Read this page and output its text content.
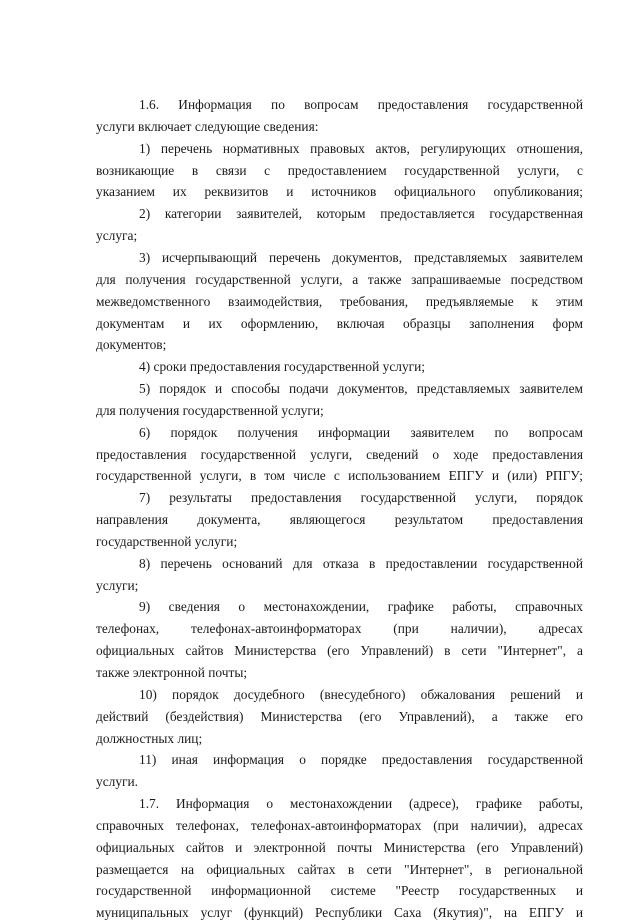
1.6. Информация по вопросам предоставления государственной
услуги включает следующие сведения:
1) перечень нормативных правовых актов, регулирующих отношения,
возникающие в связи с предоставлением государственной услуги, с
указанием их реквизитов и источников официального опубликования;
2) категории заявителей, которым предоставляется государственная
услуга;
3) исчерпывающий перечень документов, представляемых заявителем
для получения государственной услуги, а также запрашиваемые посредством
межведомственного взаимодействия, требования, предъявляемые к этим
документам и их оформлению, включая образцы заполнения форм
документов;
4) сроки предоставления государственной услуги;
5) порядок и способы подачи документов, представляемых заявителем
для получения государственной услуги;
6) порядок получения информации заявителем по вопросам
предоставления государственной услуги, сведений о ходе предоставления
государственной услуги, в том числе с использованием ЕПГУ и (или) РПГУ;
7) результаты предоставления государственной услуги, порядок
направления документа, являющегося результатом предоставления
государственной услуги;
8) перечень оснований для отказа в предоставлении государственной
услуги;
9) сведения о местонахождении, графике работы, справочных
телефонах, телефонах-автоинформаторах (при наличии), адресах
официальных сайтов Министерства (его Управлений) в сети "Интернет", а
также электронной почты;
10) порядок досудебного (внесудебного) обжалования решений и
действий (бездействия) Министерства (его Управлений), а также его
должностных лиц;
11) иная информация о порядке предоставления государственной
услуги.
1.7. Информация о местонахождении (адресе), графике работы,
справочных телефонах, телефонах-автоинформаторах (при наличии), адресах
официальных сайтов и электронной почты Министерства (его Управлений)
размещается на официальных сайтах в сети "Интернет", в региональной
государственной информационной системе "Реестр государственных и
муниципальных услуг (функций) Республики Саха (Якутия)", на ЕПГУ и
